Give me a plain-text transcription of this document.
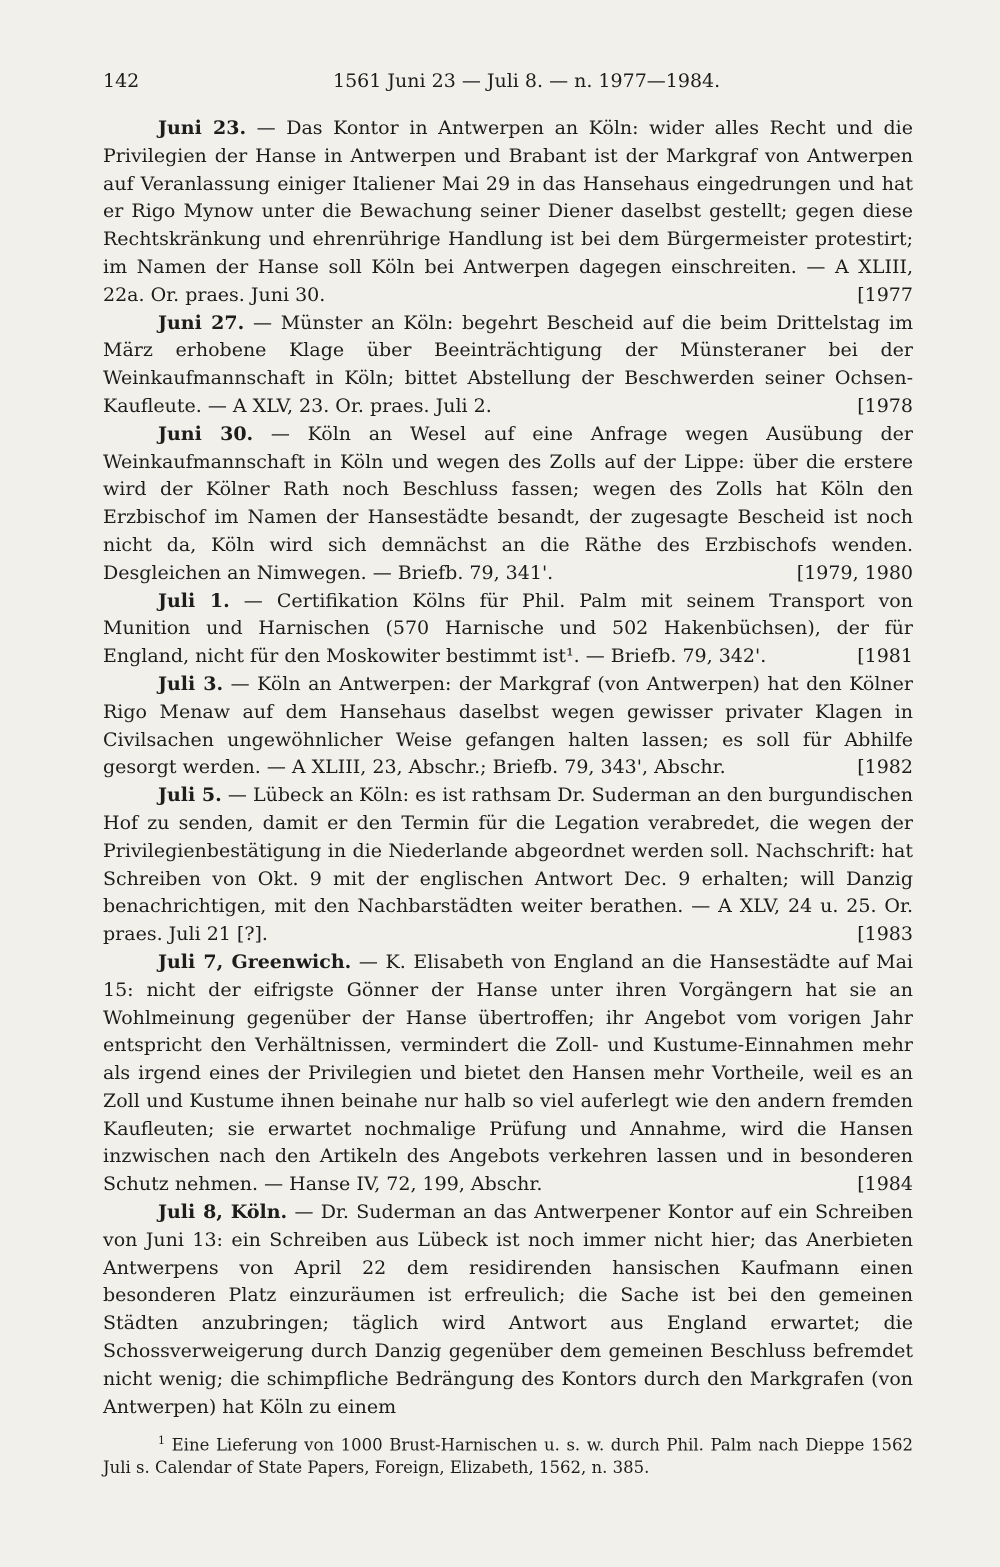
142	1561 Juni 23 — Juli 8. — n. 1977—1984.

Juni 23. — Das Kontor in Antwerpen an Köln: wider alles Recht und die Privilegien der Hanse in Antwerpen und Brabant ist der Markgraf von Antwerpen auf Veranlassung einiger Italiener Mai 29 in das Hansehaus eingedrungen und hat er Rigo Mynow unter die Bewachung seiner Diener daselbst gestellt; gegen diese Rechtskränkung und ehrenrührige Handlung ist bei dem Bürgermeister protestirt; im Namen der Hanse soll Köln bei Antwerpen dagegen einschreiten. — A XLIII, 22a. Or. praes. Juni 30.	[1977

Juni 27. — Münster an Köln: begehrt Bescheid auf die beim Drittelstag im März erhobene Klage über Beeinträchtigung der Münsteraner bei der Weinkaufmannschaft in Köln; bittet Abstellung der Beschwerden seiner Ochsen-Kaufleute. — A XLV, 23. Or. praes. Juli 2.	[1978

Juni 30. — Köln an Wesel auf eine Anfrage wegen Ausübung der Weinkaufmannschaft in Köln und wegen des Zolls auf der Lippe: über die erstere wird der Kölner Rath noch Beschluss fassen; wegen des Zolls hat Köln den Erzbischof im Namen der Hansestädte besandt, der zugesagte Bescheid ist noch nicht da, Köln wird sich demnächst an die Räthe des Erzbischofs wenden. Desgleichen an Nimwegen. — Briefb. 79, 341'.	[1979, 1980

Juli 1. — Certifikation Kölns für Phil. Palm mit seinem Transport von Munition und Harnischen (570 Harnische und 502 Hakenbüchsen), der für England, nicht für den Moskowiter bestimmt ist¹. — Briefb. 79, 342'.	[1981

Juli 3. — Köln an Antwerpen: der Markgraf (von Antwerpen) hat den Kölner Rigo Menaw auf dem Hansehaus daselbst wegen gewisser privater Klagen in Civilsachen ungewöhnlicher Weise gefangen halten lassen; es soll für Abhilfe gesorgt werden. — A XLIII, 23, Abschr.; Briefb. 79, 343', Abschr.	[1982

Juli 5. — Lübeck an Köln: es ist rathsam Dr. Suderman an den burgundischen Hof zu senden, damit er den Termin für die Legation verabredet, die wegen der Privilegienbestätigung in die Niederlande abgeordnet werden soll. Nachschrift: hat Schreiben von Okt. 9 mit der englischen Antwort Dec. 9 erhalten; will Danzig benachrichtigen, mit den Nachbarstädten weiter berathen. — A XLV, 24 u. 25. Or. praes. Juli 21 [?].	[1983

Juli 7, Greenwich. — K. Elisabeth von England an die Hansestädte auf Mai 15: nicht der eifrigste Gönner der Hanse unter ihren Vorgängern hat sie an Wohlmeinung gegenüber der Hanse übertroffen; ihr Angebot vom vorigen Jahr entspricht den Verhältnissen, vermindert die Zoll- und Kustume-Einnahmen mehr als irgend eines der Privilegien und bietet den Hansen mehr Vortheile, weil es an Zoll und Kustume ihnen beinahe nur halb so viel auferlegt wie den andern fremden Kaufleuten; sie erwartet nochmalige Prüfung und Annahme, wird die Hansen inzwischen nach den Artikeln des Angebots verkehren lassen und in besonderen Schutz nehmen. — Hanse IV, 72, 199, Abschr.	[1984

Juli 8, Köln. — Dr. Suderman an das Antwerpener Kontor auf ein Schreiben von Juni 13: ein Schreiben aus Lübeck ist noch immer nicht hier; das Anerbieten Antwerpens von April 22 dem residirenden hansischen Kaufmann einen besonderen Platz einzuräumen ist erfreulich; die Sache ist bei den gemeinen Städten anzubringen; täglich wird Antwort aus England erwartet; die Schossverweigerung durch Danzig gegenüber dem gemeinen Beschluss befremdet nicht wenig; die schimpfliche Bedrängung des Kontors durch den Markgrafen (von Antwerpen) hat Köln zu einem

$^1$ Eine Lieferung von 1000 Brust-Harnischen u. s. w. durch Phil. Palm nach Dieppe 1562 Juli s. Calendar of State Papers, Foreign, Elizabeth, 1562, n. 385.
